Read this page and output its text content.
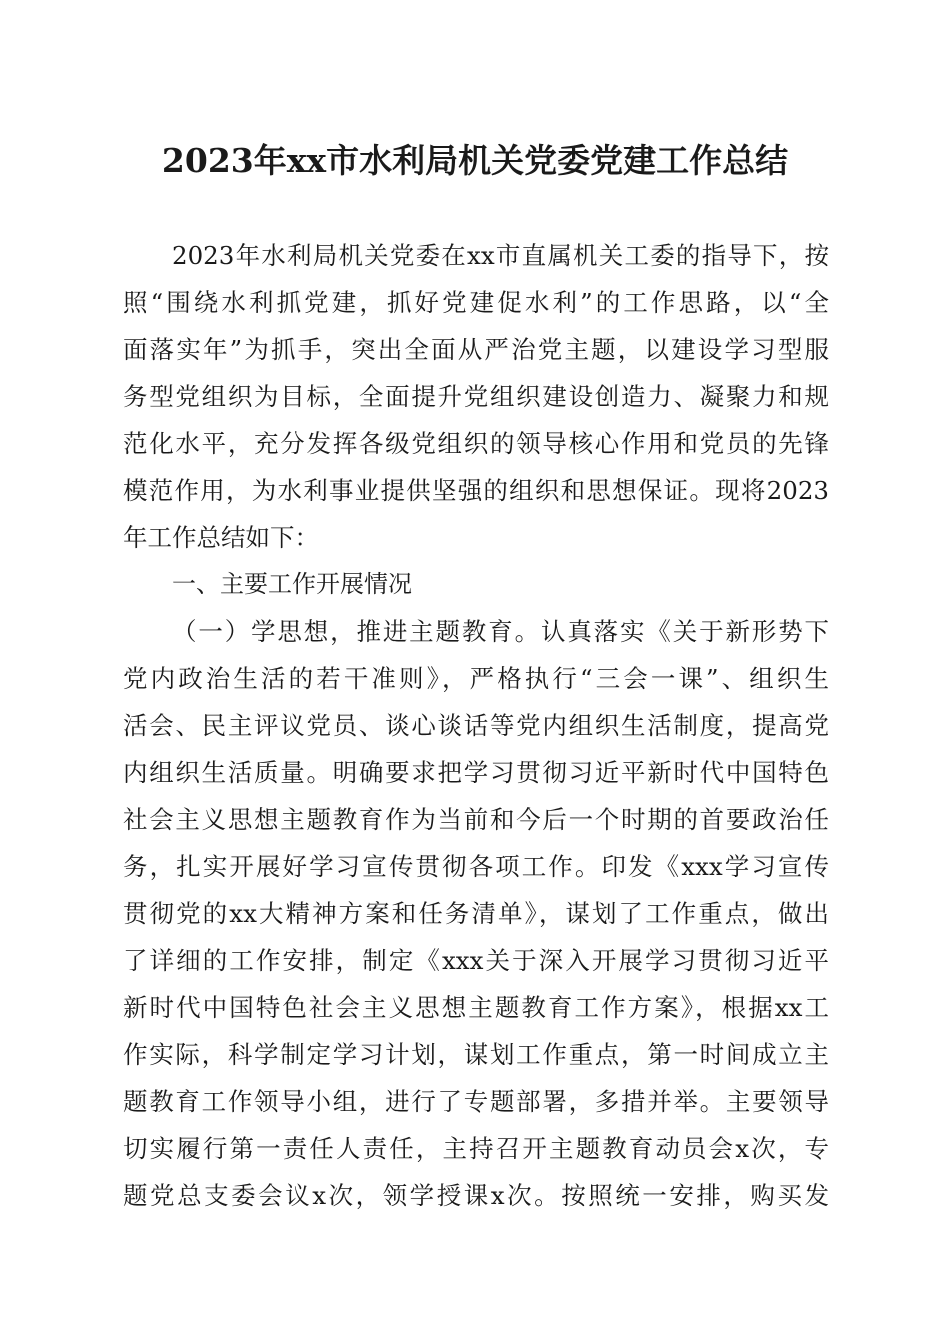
2023年xx市水利局机关党委党建工作总结

2023年水利局机关党委在xx市直属机关工委的指导下，按

照“围绕水利抓党建，抓好党建促水利”的工作思路，以“全

面落实年”为抓手，突出全面从严治党主题，以建设学习型服

务型党组织为目标，全面提升党组织建设创造力、凝聚力和规

范化水平，充分发挥各级党组织的领导核心作用和党员的先锋

模范作用，为水利事业提供坚强的组织和思想保证。现将2023

年工作总结如下：

一、主要工作开展情况

（一）学思想，推进主题教育。认真落实《关于新形势下

党内政治生活的若干准则》，严格执行“三会一课”、组织生

活会、民主评议党员、谈心谈话等党内组织生活制度，提高党

内组织生活质量。明确要求把学习贯彻习近平新时代中国特色

社会主义思想主题教育作为当前和今后一个时期的首要政治任

务，扎实开展好学习宣传贯彻各项工作。印发《xxx学习宣传

贯彻党的xx大精神方案和任务清单》，谋划了工作重点，做出

了详细的工作安排，制定《xxx关于深入开展学习贯彻习近平

新时代中国特色社会主义思想主题教育工作方案》，根据xx工

作实际，科学制定学习计划，谋划工作重点，第一时间成立主

题教育工作领导小组，进行了专题部署，多措并举。主要领导

切实履行第一责任人责任，主持召开主题教育动员会x次，专

题党总支委会议x次，领学授课x次。按照统一安排，购买发
